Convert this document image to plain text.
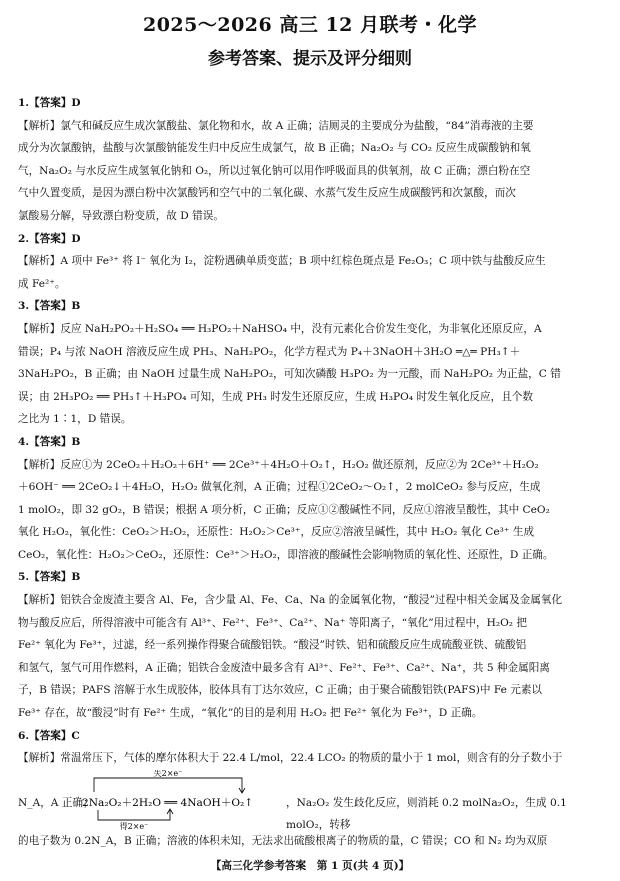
2025～2026 高三 12 月联考・化学
参考答案、提示及评分细则
1.【答案】D
【解析】氯气和碱反应生成次氯酸盐、氯化物和水，故 A 正确；洁厕灵的主要成分为盐酸，“84”消毒液的主要
成分为次氯酸钠，盐酸与次氯酸钠能发生归中反应生成氯气，故 B 正确；Na₂O₂ 与 CO₂ 反应生成碳酸钠和氧
气，Na₂O₂ 与水反应生成氢氧化钠和 O₂，所以过氧化钠可以用作呼吸面具的供氧剂，故 C 正确；漂白粉在空
气中久置变质，是因为漂白粉中次氯酸钙和空气中的二氧化碳、水蒸气发生反应生成碳酸钙和次氯酸，而次
氯酸易分解，导致漂白粉变质，故 D 错误。
2.【答案】D
【解析】A 项中 Fe³⁺ 将 I⁻ 氧化为 I₂，淀粉遇碘单质变蓝；B 项中红棕色斑点是 Fe₂O₃；C 项中铁与盐酸反应生
成 Fe²⁺。
3.【答案】B
【解析】反应 NaH₂PO₂＋H₂SO₄ ══ H₃PO₂＋NaHSO₄ 中，没有元素化合价发生变化，为非氧化还原反应，A
错误；P₄ 与浓 NaOH 溶液反应生成 PH₃、NaH₂PO₂，化学方程式为 P₄＋3NaOH＋3H₂O ═△═ PH₃↑＋
3NaH₂PO₂，B 正确；由 NaOH 过量生成 NaH₂PO₂，可知次磷酸 H₃PO₂ 为一元酸，而 NaH₂PO₂ 为正盐，C 错
误；由 2H₃PO₂ ══ PH₃↑＋H₃PO₄ 可知，生成 PH₃ 时发生还原反应，生成 H₃PO₄ 时发生氧化反应，且个数
之比为 1∶1，D 错误。
4.【答案】B
【解析】反应①为 2CeO₂＋H₂O₂＋6H⁺ ══ 2Ce³⁺＋4H₂O＋O₂↑，H₂O₂ 做还原剂，反应②为 2Ce³⁺＋H₂O₂
＋6OH⁻ ══ 2CeO₂↓＋4H₂O，H₂O₂ 做氧化剂，A 正确；过程①2CeO₂～O₂↑，2 molCeO₂ 参与反应，生成
1 molO₂，即 32 gO₂，B 错误；根据 A 项分析，C 正确；反应①②酸碱性不同，反应①溶液呈酸性，其中 CeO₂
氧化 H₂O₂，氧化性：CeO₂＞H₂O₂，还原性：H₂O₂＞Ce³⁺，反应②溶液呈碱性，其中 H₂O₂ 氧化 Ce³⁺ 生成
CeO₂，氧化性：H₂O₂＞CeO₂，还原性：Ce³⁺＞H₂O₂，即溶液的酸碱性会影响物质的氧化性、还原性，D 正确。
5.【答案】B
【解析】铝铁合金废渣主要含 Al、Fe，含少量 Al、Fe、Ca、Na 的金属氧化物，“酸浸”过程中相关金属及金属氧化
物与酸反应后，所得溶液中可能含有 Al³⁺、Fe²⁺、Fe³⁺、Ca²⁺、Na⁺ 等阳离子，“氧化”用过程中，H₂O₂ 把
Fe²⁺ 氧化为 Fe³⁺，过滤，经一系列操作得聚合硫酸铝铁。“酸浸”时铁、铝和硫酸反应生成硫酸亚铁、硫酸铝
和氢气，氢气可用作燃料，A 正确；铝铁合金废渣中最多含有 Al³⁺、Fe²⁺、Fe³⁺、Ca²⁺、Na⁺，共 5 种金属阳离
子，B 错误；PAFS 溶解于水生成胶体，胶体具有丁达尔效应，C 正确；由于聚合硫酸铝铁(PAFS)中 Fe 元素以
Fe³⁺ 存在，故“酸浸”时有 Fe²⁺ 生成，“氧化”的目的是利用 H₂O₂ 把 Fe²⁺ 氧化为 Fe³⁺，D 正确。
6.【答案】C
【解析】常温常压下，气体的摩尔体积大于 22.4 L/mol，22.4 LCO₂ 的物质的量小于 1 mol，则含有的分子数小于
N_A，A 正确；
失2×e⁻
2Na₂O₂＋2H₂O ══ 4NaOH＋O₂↑
得2×e⁻
，Na₂O₂ 发生歧化反应，则消耗 0.2 molNa₂O₂，生成 0.1 molO₂，转移
的电子数为 0.2N_A，B 正确；溶液的体积未知，无法求出硫酸根离子的物质的量，C 错误；CO 和 N₂ 均为双原
【高三化学参考答案　第 1 页(共 4 页)】
